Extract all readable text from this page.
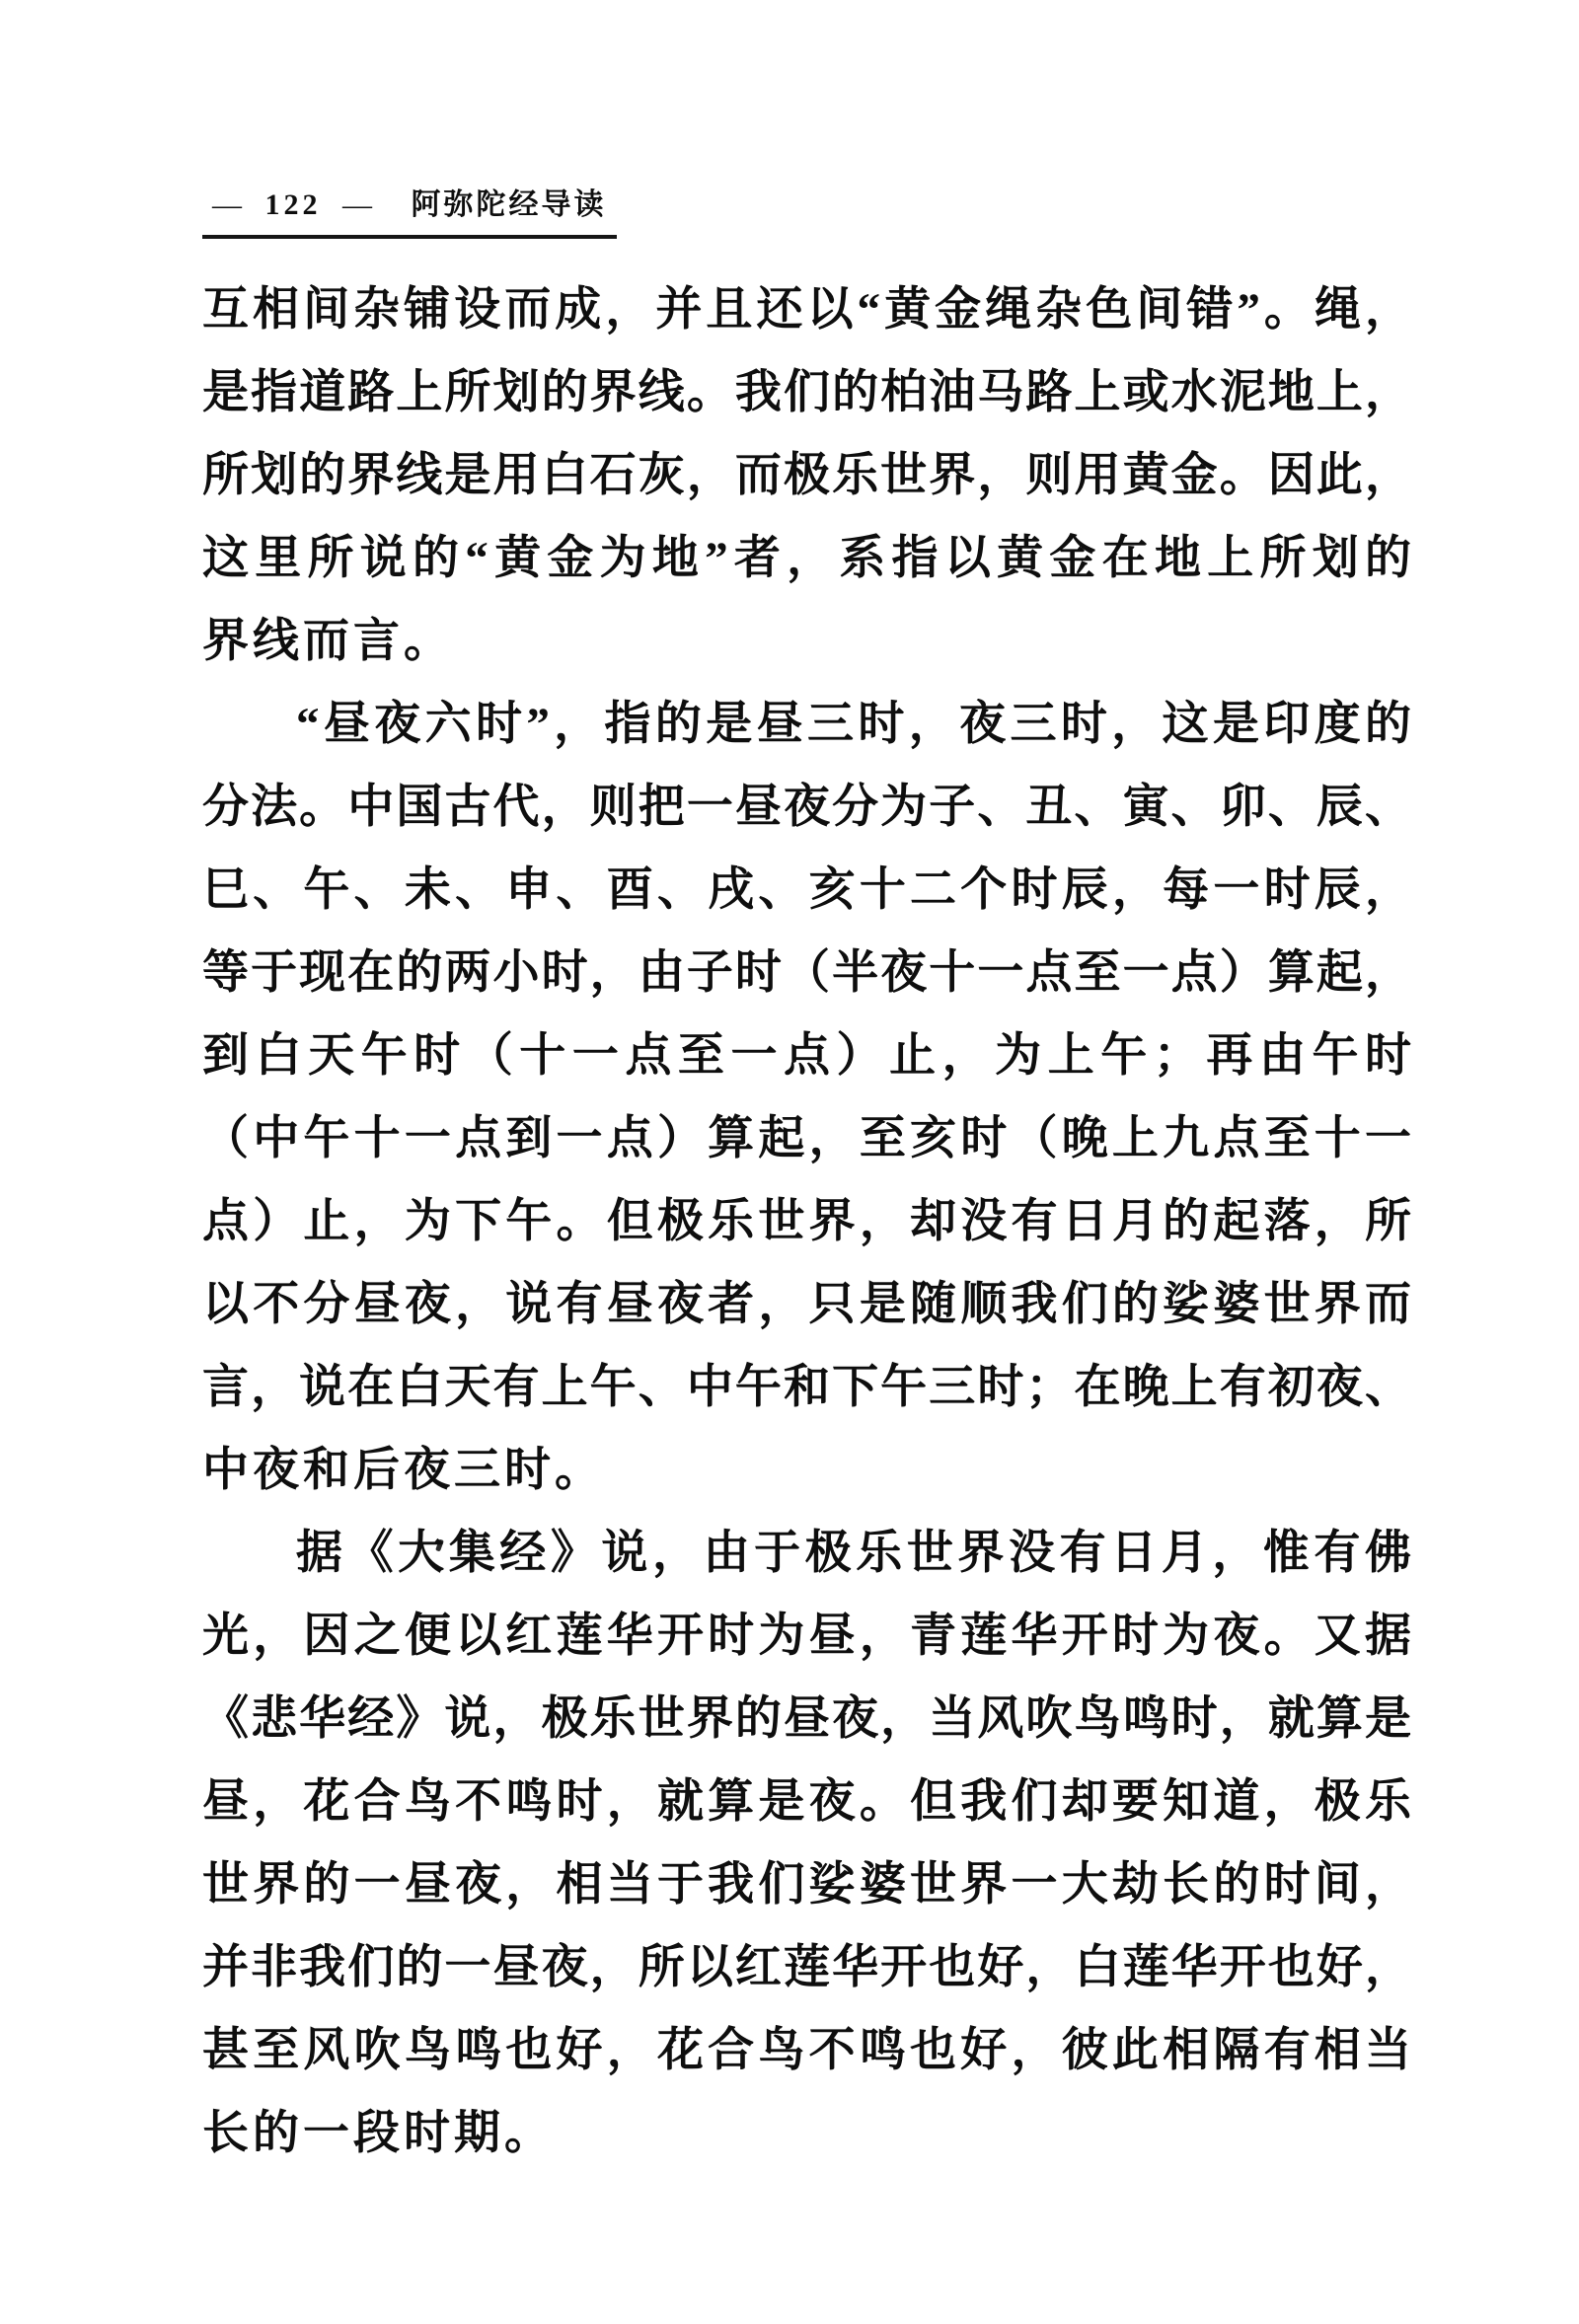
— 122 — 阿弥陀经导读
互相间杂铺设而成，并且还以“黄金绳杂色间错”。绳，
是指道路上所划的界线。我们的柏油马路上或水泥地上，
所划的界线是用白石灰，而极乐世界，则用黄金。因此，
这里所说的“黄金为地”者，系指以黄金在地上所划的
界线而言。
“昼夜六时”，指的是昼三时，夜三时，这是印度的
分法。中国古代，则把一昼夜分为子、丑、寅、卯、辰、
巳、午、未、申、酉、戌、亥十二个时辰，每一时辰，
等于现在的两小时，由子时（半夜十一点至一点）算起，
到白天午时（十一点至一点）止，为上午；再由午时
（中午十一点到一点）算起，至亥时（晚上九点至十一
点）止，为下午。但极乐世界，却没有日月的起落，所
以不分昼夜，说有昼夜者，只是随顺我们的娑婆世界而
言，说在白天有上午、中午和下午三时；在晚上有初夜、
中夜和后夜三时。
据《大集经》说，由于极乐世界没有日月，惟有佛
光，因之便以红莲华开时为昼，青莲华开时为夜。又据
《悲华经》说，极乐世界的昼夜，当风吹鸟鸣时，就算是
昼，花合鸟不鸣时，就算是夜。但我们却要知道，极乐
世界的一昼夜，相当于我们娑婆世界一大劫长的时间，
并非我们的一昼夜，所以红莲华开也好，白莲华开也好，
甚至风吹鸟鸣也好，花合鸟不鸣也好，彼此相隔有相当
长的一段时期。
